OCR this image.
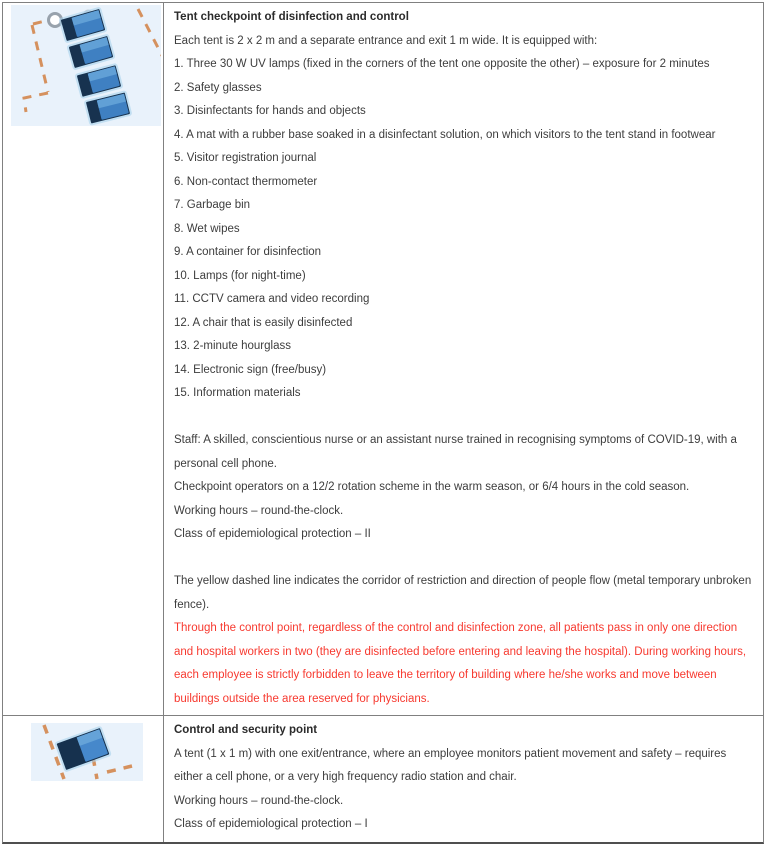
Tent checkpoint of disinfection and control

Each tent is 2 x 2 m and a separate entrance and exit 1 m wide. It is equipped with:

1. Three 30 W UV lamps (fixed in the corners of the tent one opposite the other) – exposure for 2 minutes

2. Safety glasses

3. Disinfectants for hands and objects

4. A mat with a rubber base soaked in a disinfectant solution, on which visitors to the tent stand in footwear

5. Visitor registration journal

6. Non-contact thermometer

7. Garbage bin

8. Wet wipes

9. A container for disinfection

10. Lamps (for night-time)

11. CCTV camera and video recording

12. A chair that is easily disinfected

13. 2-minute hourglass

14. Electronic sign (free/busy)

15. Information materials

Staff: A skilled, conscientious nurse or an assistant nurse trained in recognising symptoms of COVID-19, with a personal cell phone.

Checkpoint operators on a 12/2 rotation scheme in the warm season, or 6/4 hours in the cold season.

Working hours – round-the-clock.

Class of epidemiological protection – II

The yellow dashed line indicates the corridor of restriction and direction of people flow (metal temporary unbroken fence).

Through the control point, regardless of the control and disinfection zone, all patients pass in only one direction and hospital workers in two (they are disinfected before entering and leaving the hospital). During working hours, each employee is strictly forbidden to leave the territory of building where he/she works and move between buildings outside the area reserved for physicians.

Control and security point

A tent (1 x 1 m) with one exit/entrance, where an employee monitors patient movement and safety – requires either a cell phone, or a very high frequency radio station and chair.

Working hours – round-the-clock.

Class of epidemiological protection – I
